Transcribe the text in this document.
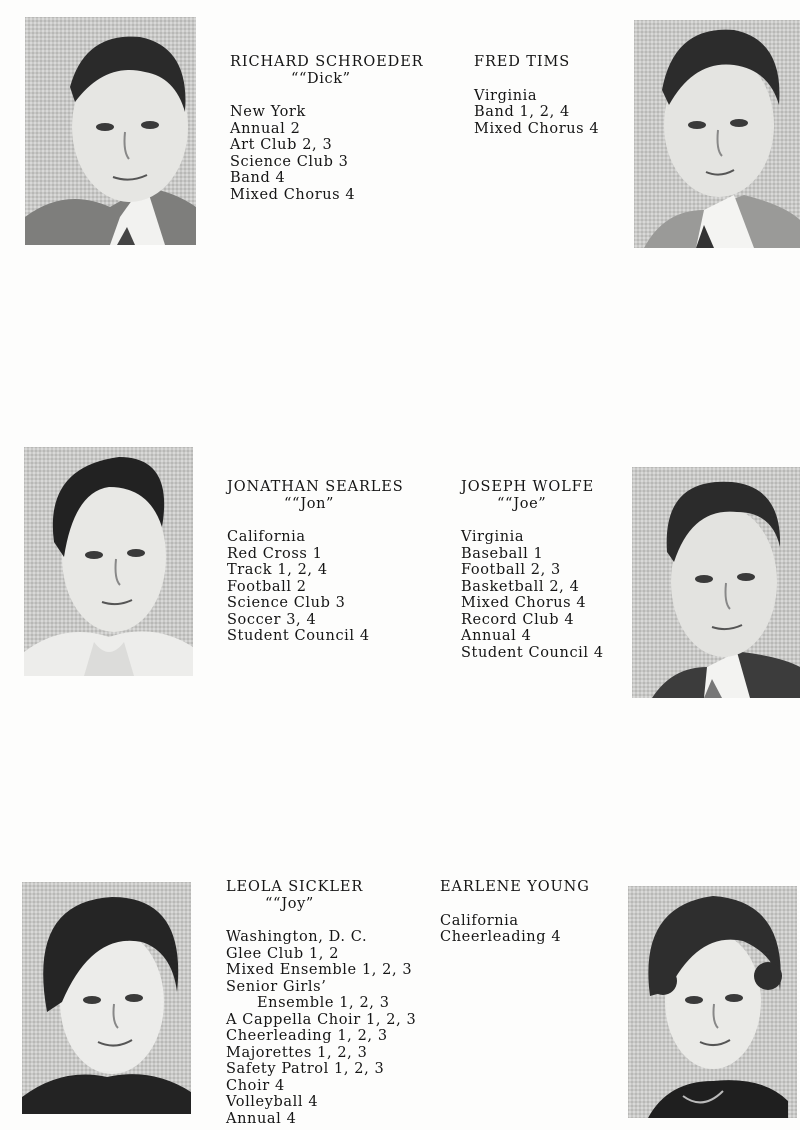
RICHARD SCHROEDER
““Dick”
New York
Annual 2
Art Club 2, 3
Science Club 3
Band 4
Mixed Chorus 4
FRED TIMS
Virginia
Band 1, 2, 4
Mixed Chorus 4
JONATHAN SEARLES
““Jon”
California
Red Cross 1
Track 1, 2, 4
Football 2
Science Club 3
Soccer 3, 4
Student Council 4
JOSEPH WOLFE
““Joe”
Virginia
Baseball 1
Football 2, 3
Basketball 2, 4
Mixed Chorus 4
Record Club 4
Annual 4
Student Council 4
LEOLA SICKLER
““Joy”
Washington, D. C.
Glee Club 1, 2
Mixed Ensemble 1, 2, 3
Senior Girls’
Ensemble 1, 2, 3
A Cappella Choir 1, 2, 3
Cheerleading 1, 2, 3
Majorettes 1, 2, 3
Safety Patrol 1, 2, 3
Choir 4
Volleyball 4
Annual 4
EARLENE YOUNG
California
Cheerleading 4
